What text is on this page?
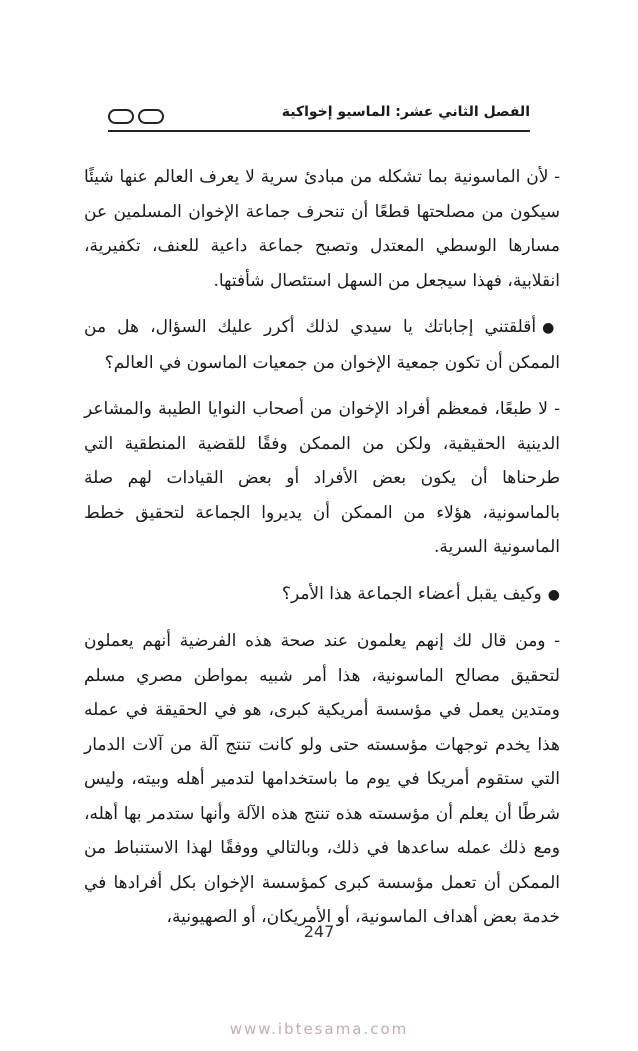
الفصل الثاني عشر: الماسيو إخواكية

- لأن الماسونية بما تشكله من مبادئ سرية لا يعرف العالم عنها شيئًا سيكون من مصلحتها قطعًا أن تنحرف جماعة الإخوان المسلمين عن مسارها الوسطي المعتدل وتصبح جماعة داعية للعنف، تكفيرية، انقلابية، فهذا سيجعل من السهل استئصال شأفتها.

●أقلقتني إجاباتك يا سيدي لذلك أكرر عليك السؤال، هل من الممكن أن تكون جمعية الإخوان من جمعيات الماسون في العالم؟

- لا طبعًا، فمعظم أفراد الإخوان من أصحاب النوايا الطيبة والمشاعر الدينية الحقيقية، ولكن من الممكن وفقًا للقضية المنطقية التي طرحناها أن يكون بعض الأفراد أو بعض القيادات لهم صلة بالماسونية، هؤلاء من الممكن أن يديروا الجماعة لتحقيق خطط الماسونية السرية.

●وكيف يقبل أعضاء الجماعة هذا الأمر؟

- ومن قال لك إنهم يعلمون عند صحة هذه الفرضية أنهم يعملون لتحقيق مصالح الماسونية، هذا أمر شبيه بمواطن مصري مسلم ومتدين يعمل في مؤسسة أمريكية كبرى، هو في الحقيقة في عمله هذا يخدم توجهات مؤسسته حتى ولو كانت تنتج آلة من آلات الدمار التي ستقوم أمريكا في يوم ما باستخدامها لتدمير أهله وبيته، وليس شرطًا أن يعلم أن مؤسسته هذه تنتج هذه الآلة وأنها ستدمر بها أهله، ومع ذلك عمله ساعدها في ذلك، وبالتالي ووفقًا لهذا الاستنباط من الممكن أن تعمل مؤسسة كبرى كمؤسسة الإخوان بكل أفرادها في خدمة بعض أهداف الماسونية، أو الأمريكان، أو الصهيونية،

247
www.ibtesama.com
